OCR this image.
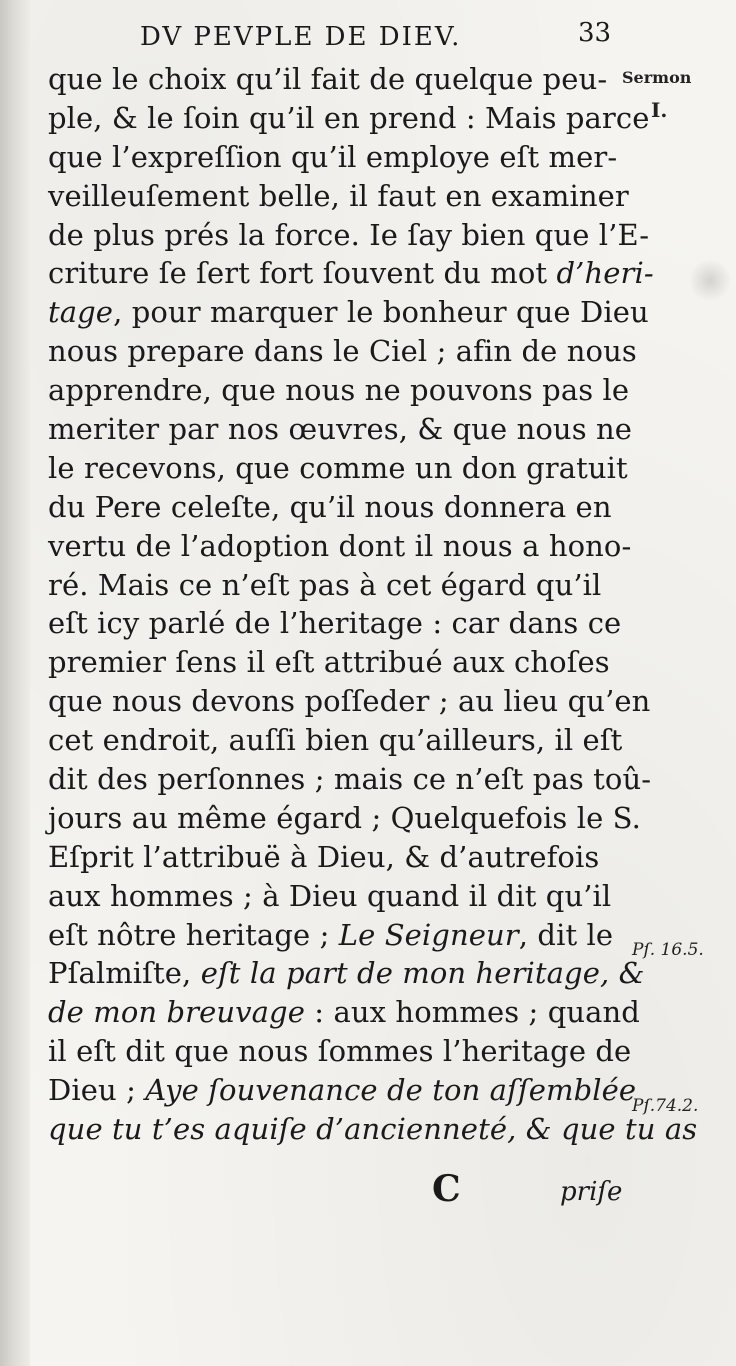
DV PEVPLE DE DIEV.	33
Sermon
I.
Pſ. 16.5.
Pſ.74.2.
que le choix qu’il fait de quelque peu-
ple, & le ſoin qu’il en prend : Mais parce
que l’expreſſion qu’il employe eſt mer-
veilleuſement belle, il faut en examiner
de plus prés la force. Ie ſay bien que l’E-
criture ſe ſert fort ſouvent du mot d’heri-
tage, pour marquer le bonheur que Dieu
nous prepare dans le Ciel ; afin de nous
apprendre, que nous ne pouvons pas le
meriter par nos œuvres, & que nous ne
le recevons, que comme un don gratuit
du Pere celeſte, qu’il nous donnera en
vertu de l’adoption dont il nous a hono-
ré. Mais ce n’eſt pas à cet égard qu’il
eſt icy parlé de l’heritage : car dans ce
premier ſens il eſt attribué aux choſes
que nous devons poſſeder ; au lieu qu’en
cet endroit, auſſi bien qu’ailleurs, il eſt
dit des perſonnes ; mais ce n’eſt pas toû-
jours au même égard ; Quelquefois le S.
Eſprit l’attribuë à Dieu, & d’autrefois
aux hommes ; à Dieu quand il dit qu’il
eſt nôtre heritage ; Le Seigneur, dit le
Pſalmiſte, eſt la part de mon heritage, &
de mon breuvage : aux hommes ; quand
il eſt dit que nous ſommes l’heritage de
Dieu ; Aye ſouvenance de ton aſſemblée
que tu t’es aquiſe d’ancienneté, & que tu as
C	priſe
